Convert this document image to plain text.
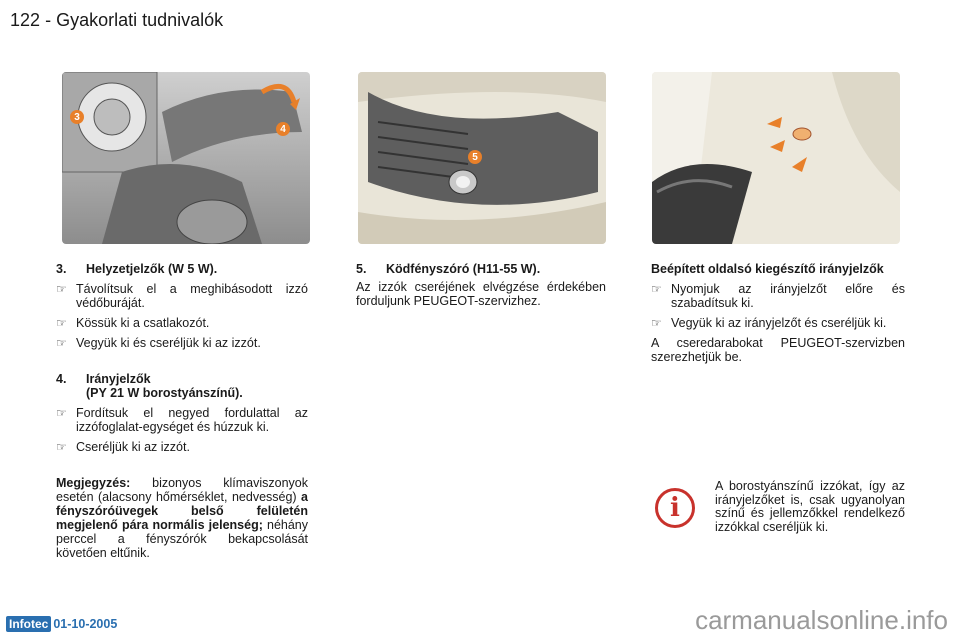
122 - Gyakorlati tudnivalók
3
4
5
3.	Helyzetjelzők (W 5 W).
☞ Távolítsuk el a meghibásodott izzó védőburáját.
☞ Kössük ki a csatlakozót.
☞ Vegyük ki és cseréljük ki az izzót.
4.	Irányjelzők
(PY 21 W borostyánszínű).
☞ Fordítsuk el negyed fordulattal az izzófoglalat-egységet és húzzuk ki.
☞ Cseréljük ki az izzót.

Megjegyzés: bizonyos klímaviszonyok esetén (alacsony hőmérséklet, nedvesség) a fényszóróüvegek belső felületén megjelenő pára normális jelenség; néhány perccel a fényszórók bekapcsolását követően eltűnik.

5.	Ködfényszóró (H11-55 W).

Az izzók cseréjének elvégzése érdekében forduljunk PEUGEOT-szervizhez.

Beépített oldalsó kiegészítő irányjelzők

☞ Nyomjuk az irányjelzőt előre és szabadítsuk ki.
☞ Vegyük ki az irányjelzőt és cseréljük ki.

A cseredarabokat PEUGEOT-szervizben szerezhetjük be.

i

A borostyánszínű izzókat, így az irányjelzőket is, csak ugyanolyan színű és jellemzőkkel rendelkező izzókkal cseréljük ki.

Infotec 01-10-2005	carmanualsonline.info
